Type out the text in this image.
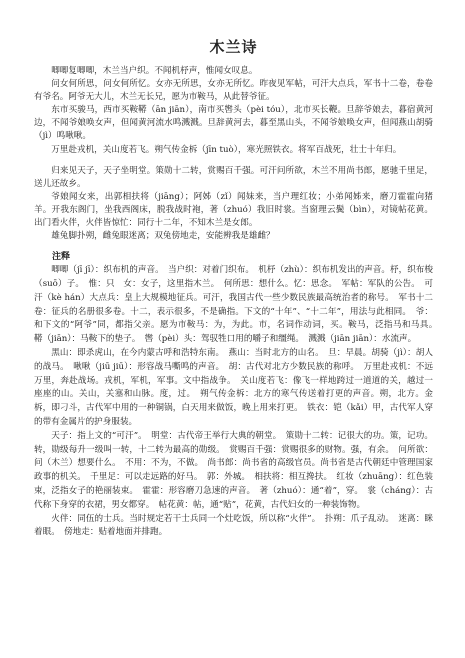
木兰诗

唧唧复唧唧，木兰当户织。不闻机杼声，惟闻女叹息。

问女何所思，问女何所忆。女亦无所思，女亦无所忆。昨夜见军帖，可汗大点兵，军书十二卷，卷卷有爷名。阿爷无大儿，木兰无长兄，愿为市鞍马，从此替爷征。

东市买骏马，西市买鞍鞯（ān jiān），南市买辔头（pèi tóu），北市买长鞭。旦辞爷娘去，暮宿黄河边，不闻爷娘唤女声，但闻黄河流水鸣溅溅。旦辞黄河去，暮至黑山头，不闻爷娘唤女声，但闻燕山胡骑（jì）鸣啾啾。

万里赴戎机，关山度若飞。朔气传金柝（jīn tuò），寒光照铁衣。将军百战死，壮士十年归。

归来见天子，天子坐明堂。策勋十二转，赏赐百千强。可汗问所欲，木兰不用尚书郎，愿驰千里足，送儿还故乡。

爷娘闻女来，出郭相扶将（jiāng）；阿姊（zǐ）闻妹来，当户理红妆；小弟闻姊来，磨刀霍霍向猪羊。开我东阁门，坐我西阁床，脱我战时袍，著（zhuó）我旧时裳。当窗理云鬓（bìn），对镜帖花黄。出门看火伴，火伴皆惊忙：同行十二年，不知木兰是女郎。

雄兔脚扑朔，雌兔眼迷离；双兔傍地走，安能辨我是雄雌？

注释

唧唧（jī jī）：织布机的声音。　当户织：对着门织布。　机杼（zhù）：织布机发出的声音。杼，织布梭（suō）子。　惟：只　女：女子，这里指木兰。　何所思：想什么。忆：思念。　军帖：军队的公告。　可汗（kè hán）大点兵：皇上大规模地征兵。可汗，我国古代一些少数民族最高统治者的称号。　军书十二卷：征兵的名册很多卷。十二，表示很多，不是确指。下文的“十年”、“十二年”，用法与此相同。　爷：和下文的“阿爷”同，都指父亲。愿为市鞍马：为，为此。市，名词作动词，买。鞍马，泛指马和马具。　鞯（jiān）：马鞍下的垫子。　辔（pèi）头：驾驭牲口用的嚼子和缰绳。　溅溅（jiān jiān）：水流声。

黑山：即杀虎山，在今内蒙古呼和浩特东南。　燕山：当时北方的山名。　旦：早晨。胡骑（jì）：胡人的战马。　啾啾（jiū jiū）：形容战马嘶鸣的声音。　胡：古代对北方少数民族的称呼。　万里赴戎机：不远万里，奔赴战场。戎机，军机，军事。文中指战争。　关山度若飞：像飞一样地跨过一道道的关，越过一座座的山。关山，关塞和山脉。度，过。　朔气传金柝：北方的寒气传送着打更的声音。朔，北方。金柝，即刁斗，古代军中用的一种铜锅，白天用来做饭，晚上用来打更。　铁衣：铠（kǎi）甲，古代军人穿的带有金属片的护身服装。

天子：指上文的“可汗”。　明堂：古代帝王举行大典的朝堂。　策勋十二转：记很大的功。策，记功。转，勋级每升一级叫一转，十二转为最高的勋级。　赏赐百千强：赏赐很多的财物。强，有余。　问所欲：问（木兰）想要什么。　不用：不为，不做。　尚书郎：尚书省的高级官员。尚书省是古代朝廷中管理国家政事的机关。　千里足：可以走远路的好马。　郭：外城。　相扶将：相互搀扶。　红妆（zhuāng）：红色装束，泛指女子的艳丽装束。　霍霍：形容磨刀急速的声音。　著（zhuó）：通“着”，穿。　裳（cháng）：古代称下身穿的衣裙，男女都穿。　帖花黄：帖，通“贴”，花黄，古代妇女的一种装饰物。

火伴：同伍的士兵。当时规定若干士兵同一个灶吃饭，所以称“火伴”。　扑朔：爪子乱动。　迷离：眯着眼。　傍地走：贴着地面并排跑。
